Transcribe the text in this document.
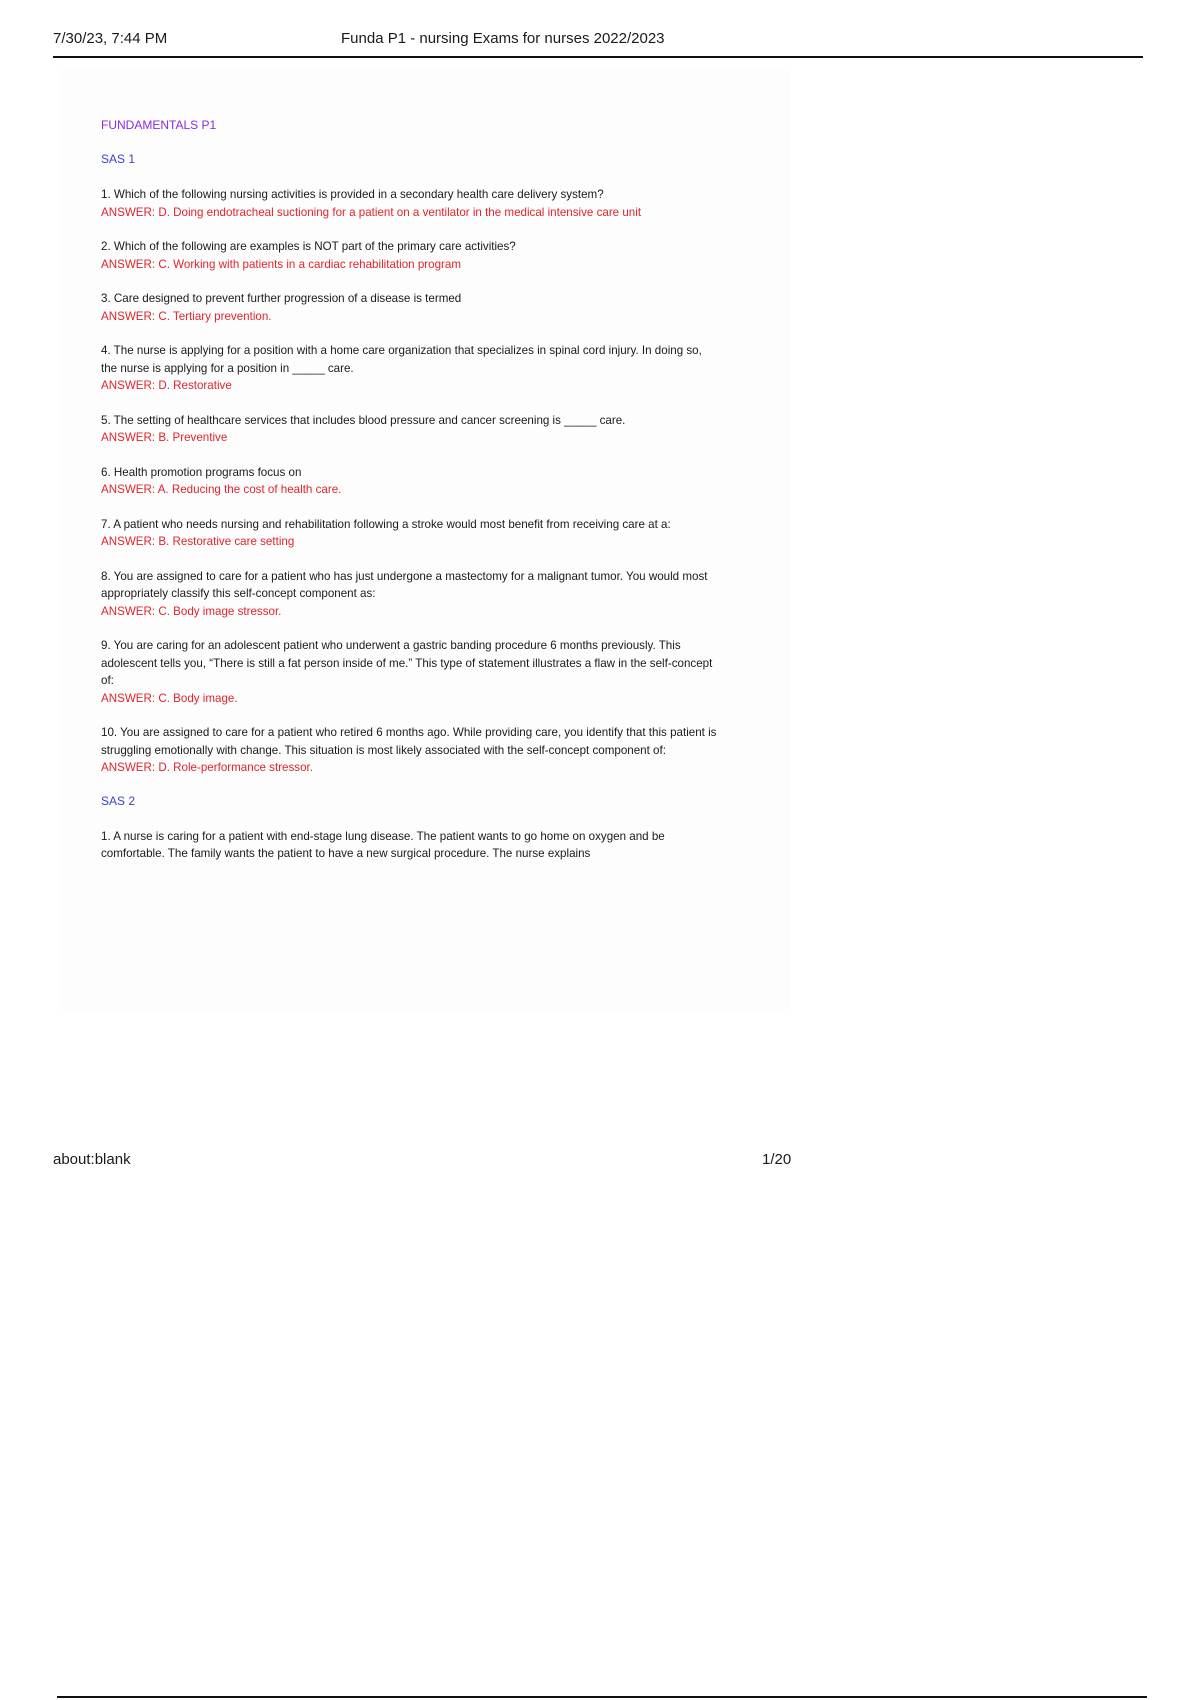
7/30/23, 7:44 PM	Funda P1 - nursing Exams for nurses 2022/2023

FUNDAMENTALS P1

SAS 1

1. Which of the following nursing activities is provided in a secondary health care delivery system?
ANSWER: D. Doing endotracheal suctioning for a patient on a ventilator in the medical intensive care unit
2. Which of the following are examples is NOT part of the primary care activities?
ANSWER: C. Working with patients in a cardiac rehabilitation program
3. Care designed to prevent further progression of a disease is termed
ANSWER: C. Tertiary prevention.
4. The nurse is applying for a position with a home care organization that specializes in spinal cord injury. In doing so, the nurse is applying for a position in _____ care.
ANSWER: D. Restorative
5. The setting of healthcare services that includes blood pressure and cancer screening is _____ care.
ANSWER: B. Preventive
6. Health promotion programs focus on
ANSWER: A. Reducing the cost of health care.
7. A patient who needs nursing and rehabilitation following a stroke would most benefit from receiving care at a:
ANSWER: B. Restorative care setting
8. You are assigned to care for a patient who has just undergone a mastectomy for a malignant tumor. You would most appropriately classify this self-concept component as:
ANSWER: C. Body image stressor.
9. You are caring for an adolescent patient who underwent a gastric banding procedure 6 months previously. This adolescent tells you, “There is still a fat person inside of me.” This type of statement illustrates a flaw in the self-concept of:
ANSWER: C. Body image.
10. You are assigned to care for a patient who retired 6 months ago. While providing care, you identify that this patient is struggling emotionally with change. This situation is most likely associated with the self-concept component of:
ANSWER: D. Role-performance stressor.

SAS 2

1. A nurse is caring for a patient with end-stage lung disease. The patient wants to go home on oxygen and be comfortable. The family wants the patient to have a new surgical procedure. The nurse explains
about:blank	1/20
